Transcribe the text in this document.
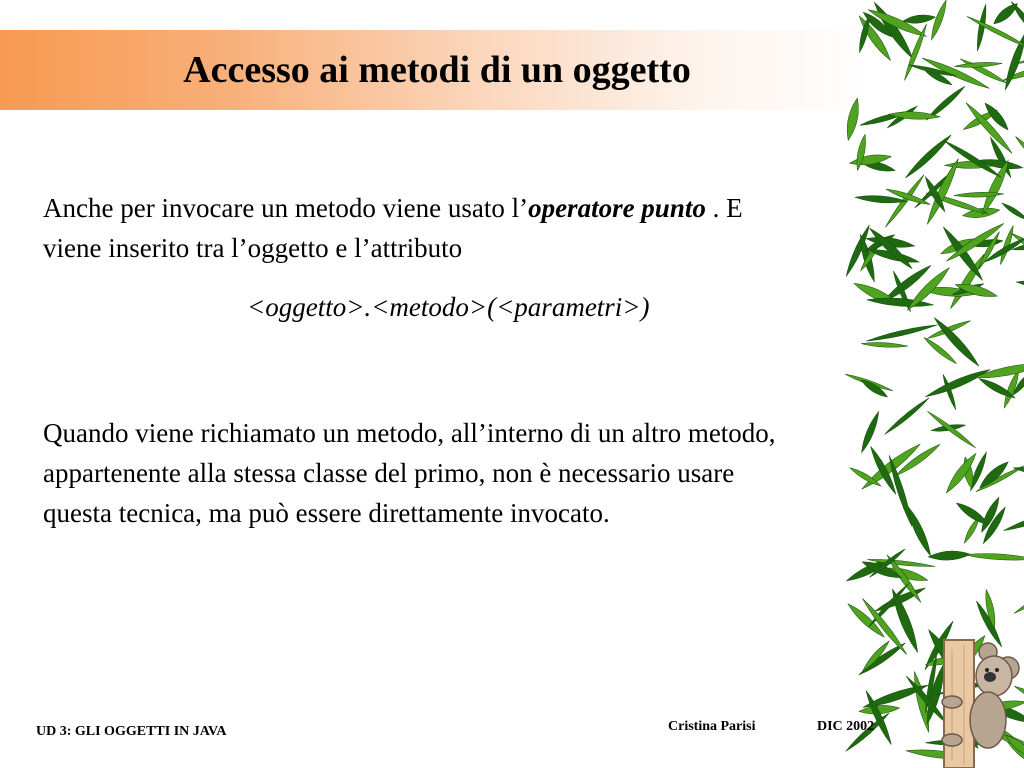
Accesso ai metodi di un oggetto

Anche per invocare un metodo viene usato l’operatore punto . E viene inserito tra l’oggetto e l’attributo

<oggetto>.<metodo>(<parametri>)

Quando viene richiamato un metodo, all’interno di un altro metodo, appartenente alla stessa classe del primo, non è necessario usare questa tecnica, ma può essere direttamente invocato.

UD 3: GLI OGGETTI IN JAVA	Cristina Parisi	DIC 2002
